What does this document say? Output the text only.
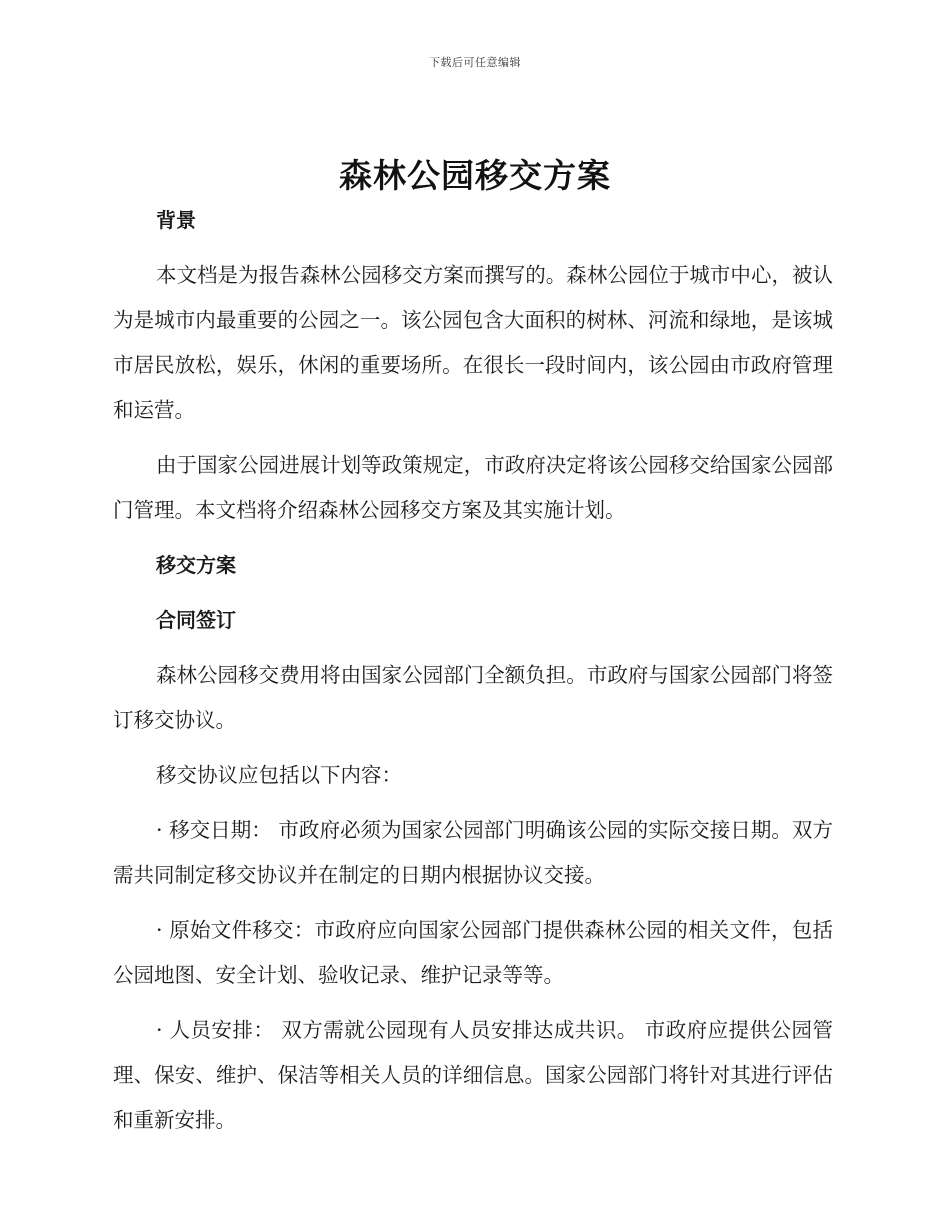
下载后可任意编辑
森林公园移交方案
背景

本文档是为报告森林公园移交方案而撰写的。森林公园位于城市中心，被认为是城市内最重要的公园之一。该公园包含大面积的树林、河流和绿地，是该城市居民放松，娱乐，休闲的重要场所。在很长一段时间内，该公园由市政府管理和运营。

由于国家公园进展计划等政策规定，市政府决定将该公园移交给国家公园部门管理。本文档将介绍森林公园移交方案及其实施计划。

移交方案
合同签订

森林公园移交费用将由国家公园部门全额负担。市政府与国家公园部门将签订移交协议。

移交协议应包括以下内容：

· 移交日期： 市政府必须为国家公园部门明确该公园的实际交接日期。双方需共同制定移交协议并在制定的日期内根据协议交接。

· 原始文件移交：市政府应向国家公园部门提供森林公园的相关文件，包括公园地图、安全计划、验收记录、维护记录等等。

· 人员安排： 双方需就公园现有人员安排达成共识。 市政府应提供公园管理、保安、维护、保洁等相关人员的详细信息。国家公园部门将针对其进行评估和重新安排。
